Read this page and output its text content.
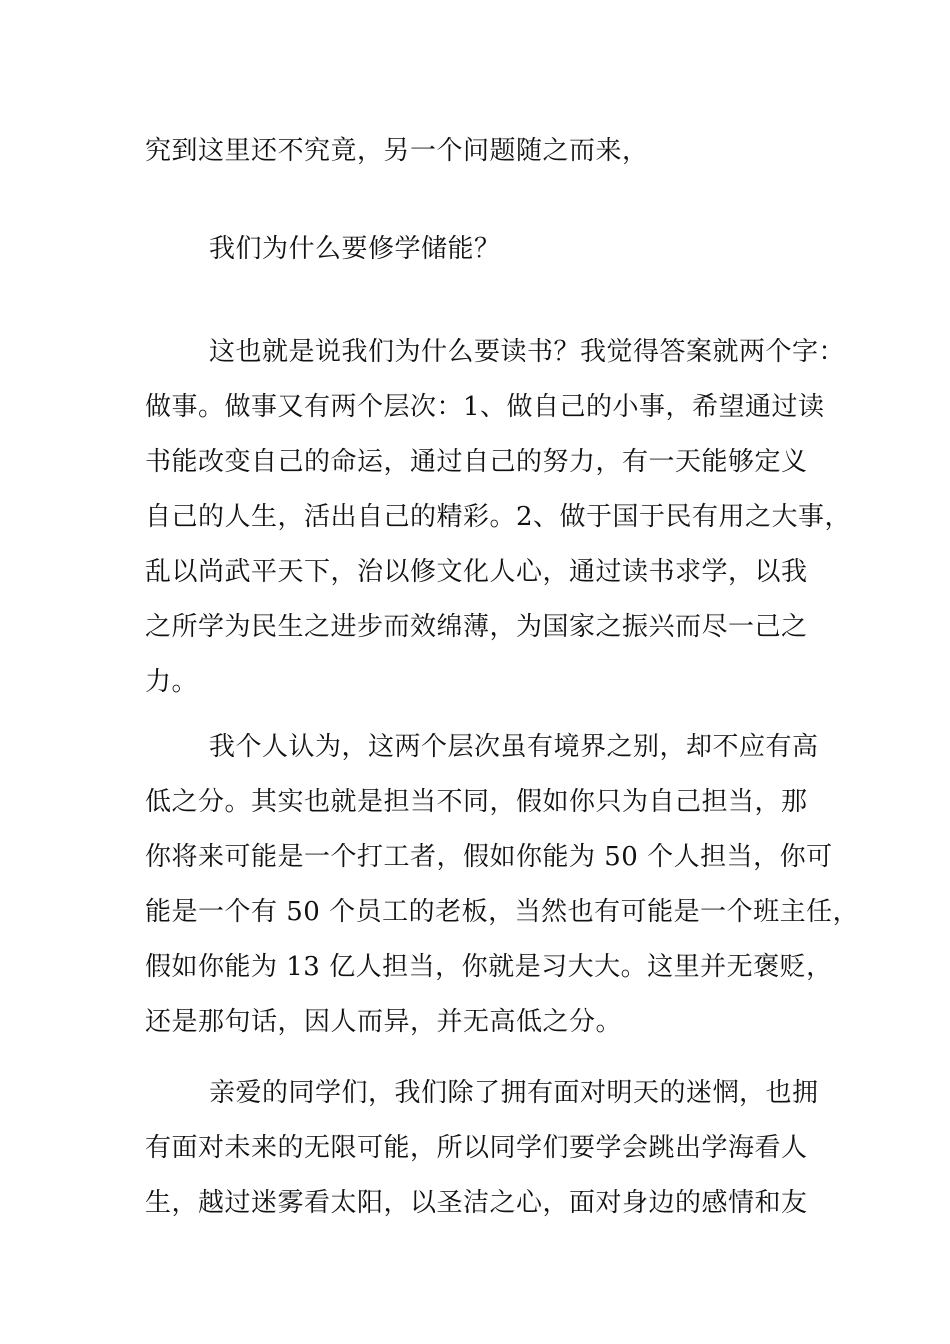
究到这里还不究竟，另一个问题随之而来，

我们为什么要修学储能？

这也就是说我们为什么要读书？我觉得答案就两个字：
做事。做事又有两个层次：1、做自己的小事，希望通过读
书能改变自己的命运，通过自己的努力，有一天能够定义
自己的人生，活出自己的精彩。2、做于国于民有用之大事，
乱以尚武平天下，治以修文化人心，通过读书求学，以我
之所学为民生之进步而效绵薄，为国家之振兴而尽一己之
力。

我个人认为，这两个层次虽有境界之别，却不应有高
低之分。其实也就是担当不同，假如你只为自己担当，那
你将来可能是一个打工者，假如你能为 50 个人担当，你可
能是一个有 50 个员工的老板，当然也有可能是一个班主任，
假如你能为 13 亿人担当，你就是习大大。这里并无褒贬，
还是那句话，因人而异，并无高低之分。

亲爱的同学们，我们除了拥有面对明天的迷惘，也拥
有面对未来的无限可能，所以同学们要学会跳出学海看人
生，越过迷雾看太阳，以圣洁之心，面对身边的感情和友
